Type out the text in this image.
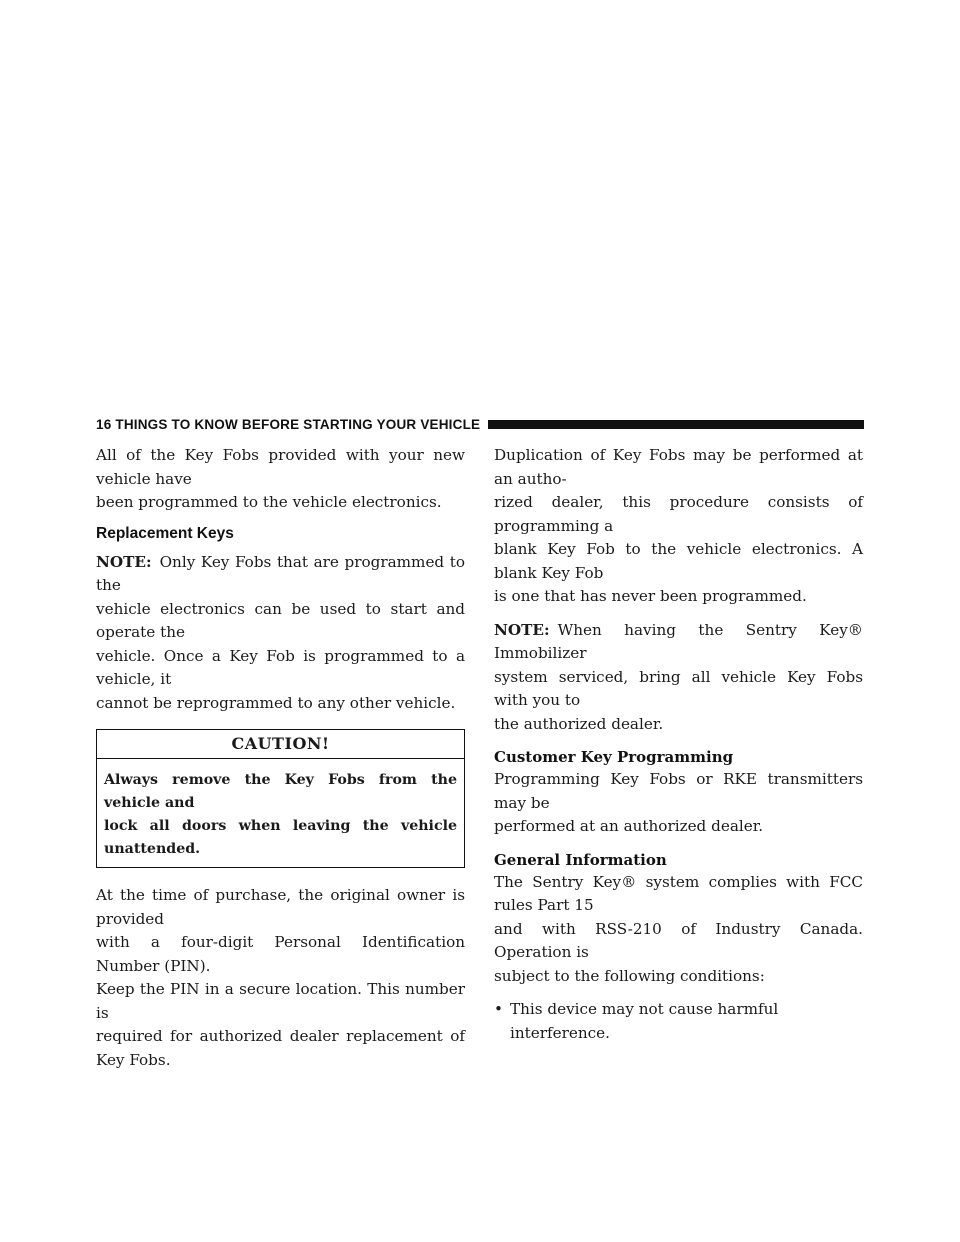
16 THINGS TO KNOW BEFORE STARTING YOUR VEHICLE

All of the Key Fobs provided with your new vehicle have
been programmed to the vehicle electronics.

Replacement Keys

NOTE: Only Key Fobs that are programmed to the
vehicle electronics can be used to start and operate the
vehicle. Once a Key Fob is programmed to a vehicle, it
cannot be reprogrammed to any other vehicle.

CAUTION!
Always remove the Key Fobs from the vehicle and
lock all doors when leaving the vehicle unattended.

At the time of purchase, the original owner is provided
with a four-digit Personal Identification Number (PIN).
Keep the PIN in a secure location. This number is
required for authorized dealer replacement of Key Fobs.

Duplication of Key Fobs may be performed at an autho-
rized dealer, this procedure consists of programming a
blank Key Fob to the vehicle electronics. A blank Key Fob
is one that has never been programmed.

NOTE: When having the Sentry Key® Immobilizer
system serviced, bring all vehicle Key Fobs with you to
the authorized dealer.

Customer Key Programming

Programming Key Fobs or RKE transmitters may be
performed at an authorized dealer.

General Information

The Sentry Key® system complies with FCC rules Part 15
and with RSS-210 of Industry Canada. Operation is
subject to the following conditions:

• This device may not cause harmful interference.
